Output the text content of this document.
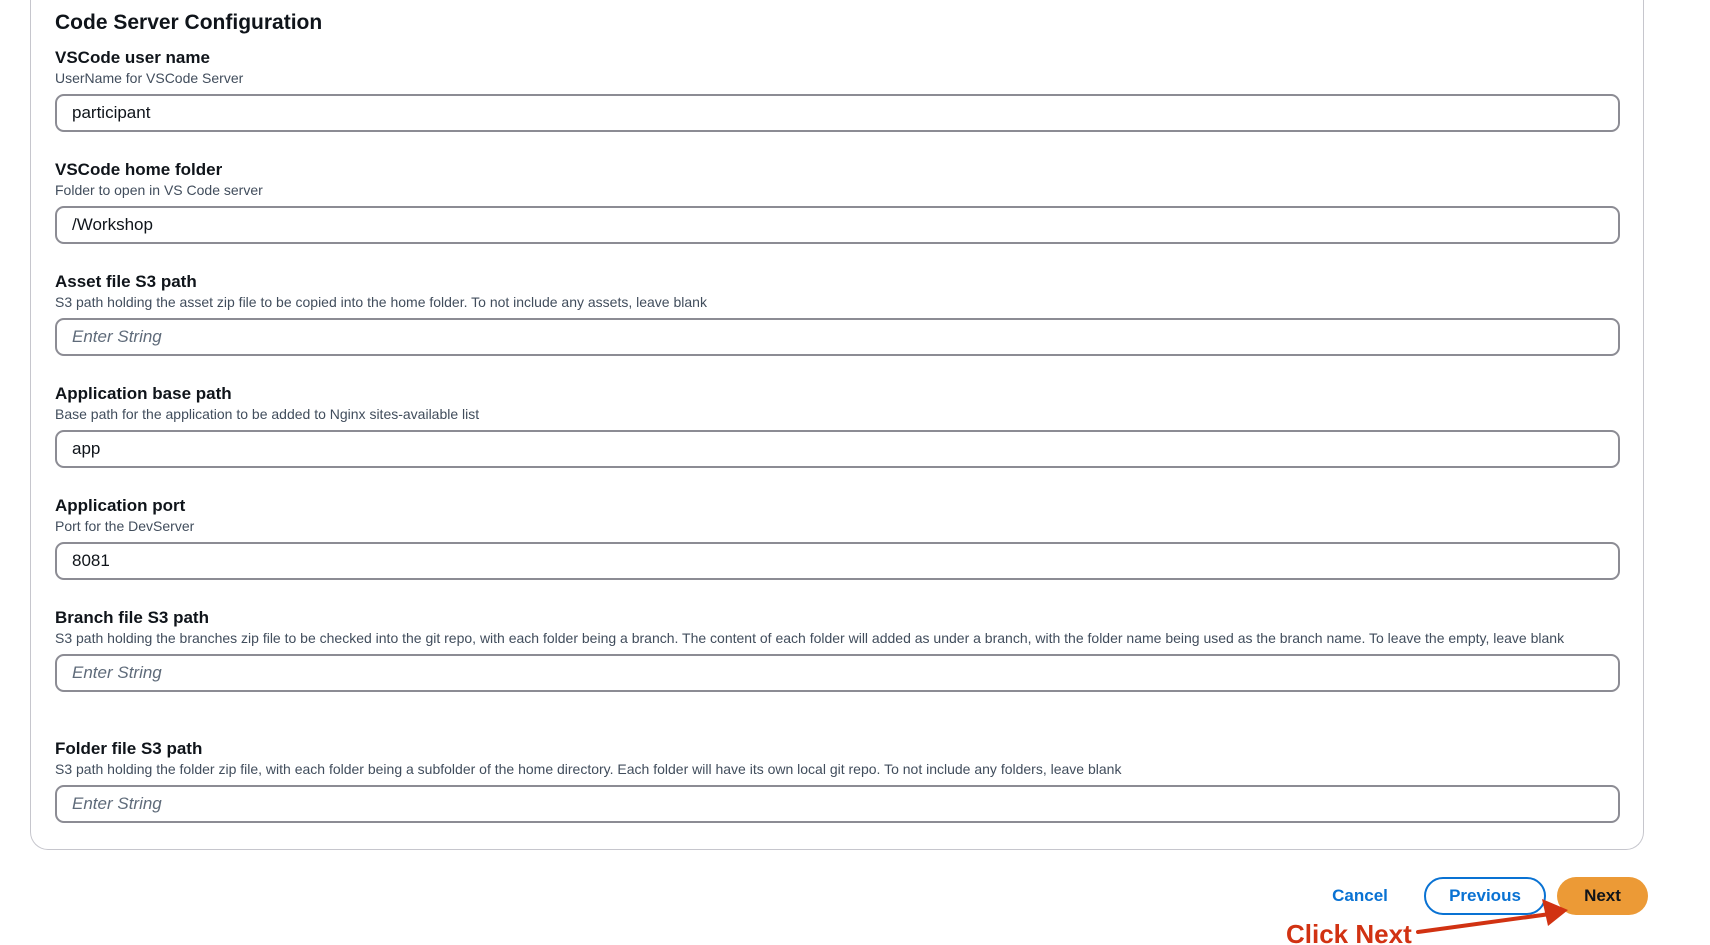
Code Server Configuration
VSCode user name
UserName for VSCode Server
participant
VSCode home folder
Folder to open in VS Code server
/Workshop
Asset file S3 path
S3 path holding the asset zip file to be copied into the home folder. To not include any assets, leave blank
Enter String
Application base path
Base path for the application to be added to Nginx sites-available list
app
Application port
Port for the DevServer
8081
Branch file S3 path
S3 path holding the branches zip file to be checked into the git repo, with each folder being a branch. The content of each folder will added as under a branch, with the folder name being used as the branch name. To leave the empty, leave blank
Enter String
Folder file S3 path
S3 path holding the folder zip file, with each folder being a subfolder of the home directory. Each folder will have its own local git repo. To not include any folders, leave blank
Enter String
Cancel	Previous	Next
Click Next
